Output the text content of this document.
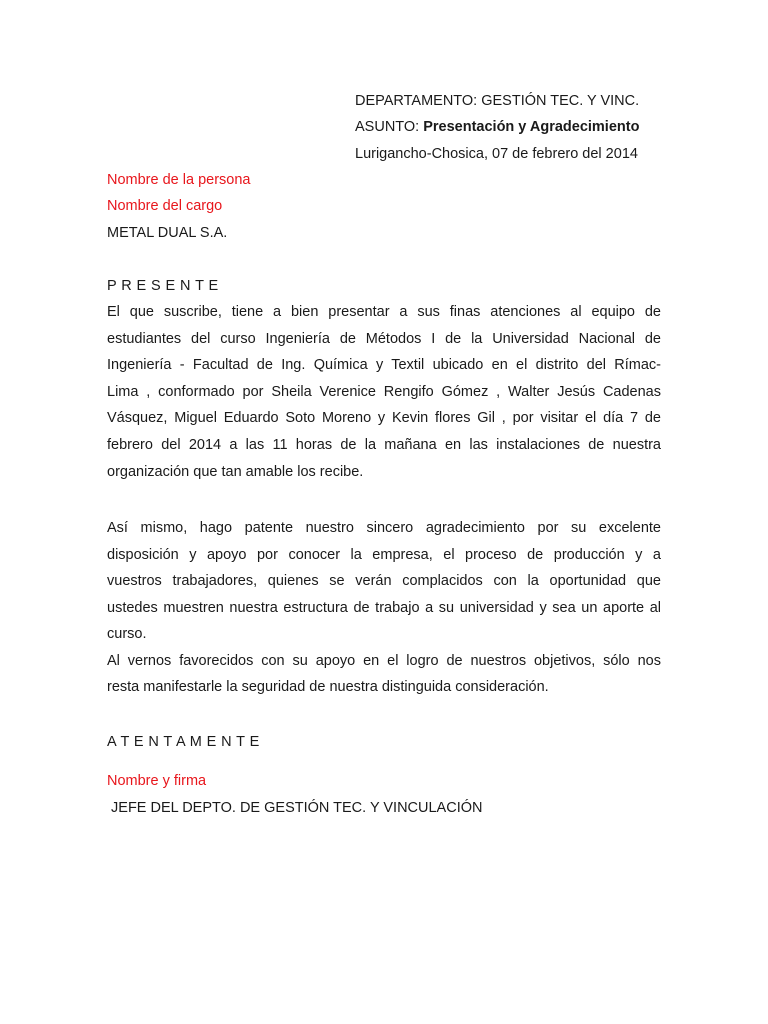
DEPARTAMENTO: GESTIÓN TEC. Y VINC.
ASUNTO: Presentación y Agradecimiento
Lurigancho-Chosica, 07 de febrero del 2014
Nombre de la persona
Nombre del cargo
METAL DUAL S.A.
P R E S E N T E
El que suscribe, tiene a bien presentar a sus finas atenciones al equipo de
estudiantes del curso Ingeniería de Métodos I de la Universidad Nacional de
Ingeniería - Facultad de Ing. Química y Textil ubicado en el distrito del Rímac-
Lima , conformado por Sheila Verenice Rengifo Gómez , Walter Jesús Cadenas
Vásquez, Miguel Eduardo Soto Moreno y Kevin flores Gil , por visitar el día 7 de
febrero del 2014 a las 11 horas de la mañana en las instalaciones de nuestra
organización que tan amable los recibe.
Así mismo, hago patente nuestro sincero agradecimiento por su excelente
disposición y apoyo por conocer la empresa, el proceso de producción y a
vuestros trabajadores, quienes se verán complacidos con la oportunidad que
ustedes muestren nuestra estructura de trabajo a su universidad y sea un aporte al
curso.
Al vernos favorecidos con su apoyo en el logro de nuestros objetivos, sólo nos
resta manifestarle la seguridad de nuestra distinguida consideración.
A T E N T A M E N T E
Nombre y firma
JEFE DEL DEPTO. DE GESTIÓN TEC. Y VINCULACIÓN
